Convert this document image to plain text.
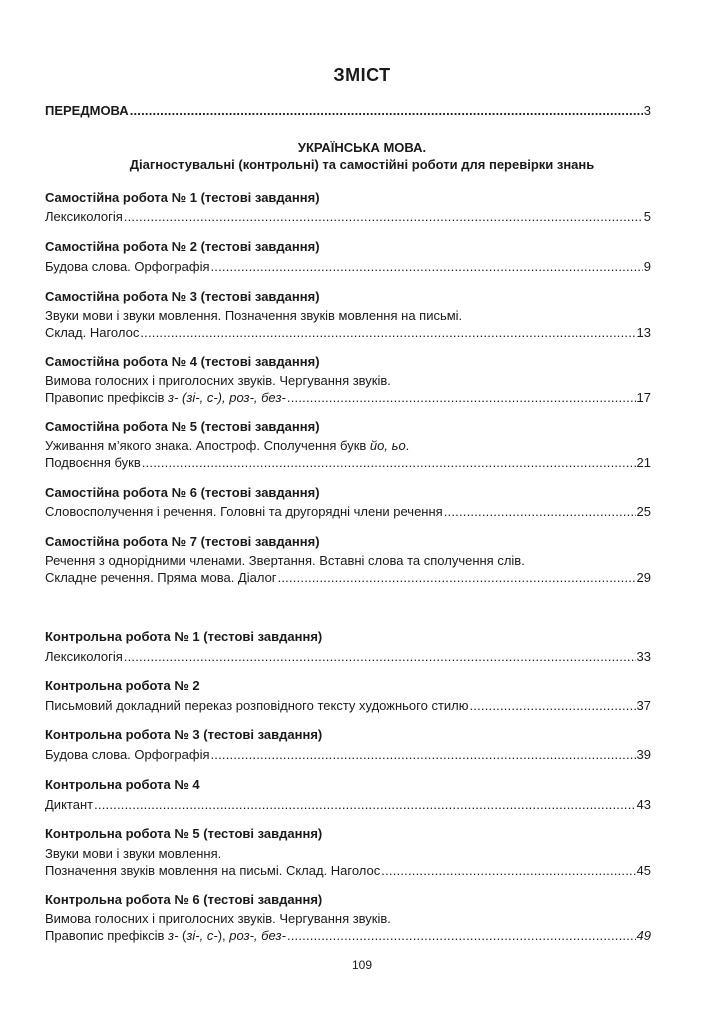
ЗМІСТ
ПЕРЕДМОВА .....	3
УКРАЇНСЬКА МОВА.
Діагностувальні (контрольні) та самостійні роботи для перевірки знань
Самостійна робота № 1 (тестові завдання)
Лексикологія .....	5
Самостійна робота № 2 (тестові завдання)
Будова слова. Орфографія .....	9
Самостійна робота № 3 (тестові завдання)
Звуки мови і звуки мовлення. Позначення звуків мовлення на письмі.
Склад. Наголос .....	13
Самостійна робота № 4 (тестові завдання)
Вимова голосних і приголосних звуків. Чергування звуків.
Правопис префіксів з- (зі-, с-), роз-, без- .....	17
Самостійна робота № 5 (тестові завдання)
Уживання м’якого знака. Апостроф. Сполучення букв йо, ьо.
Подвоєння букв .....	21
Самостійна робота № 6 (тестові завдання)
Словосполучення і речення. Головні та другорядні члени речення .....	25
Самостійна робота № 7 (тестові завдання)
Речення з однорідними членами. Звертання. Вставні слова та сполучення слів.
Складне речення. Пряма мова. Діалог .....	29
Контрольна робота № 1 (тестові завдання)
Лексикологія .....	33
Контрольна робота № 2
Письмовий докладний переказ розповідного тексту художнього стилю .....	37
Контрольна робота № 3 (тестові завдання)
Будова слова. Орфографія .....	39
Контрольна робота № 4
Диктант .....	43
Контрольна робота № 5 (тестові завдання)
Звуки мови і звуки мовлення.
Позначення звуків мовлення на письмі. Склад. Наголос .....	45
Контрольна робота № 6 (тестові завдання)
Вимова голосних і приголосних звуків. Чергування звуків.
Правопис префіксів з- (зі-, с-), роз-, без- .....	49
109
